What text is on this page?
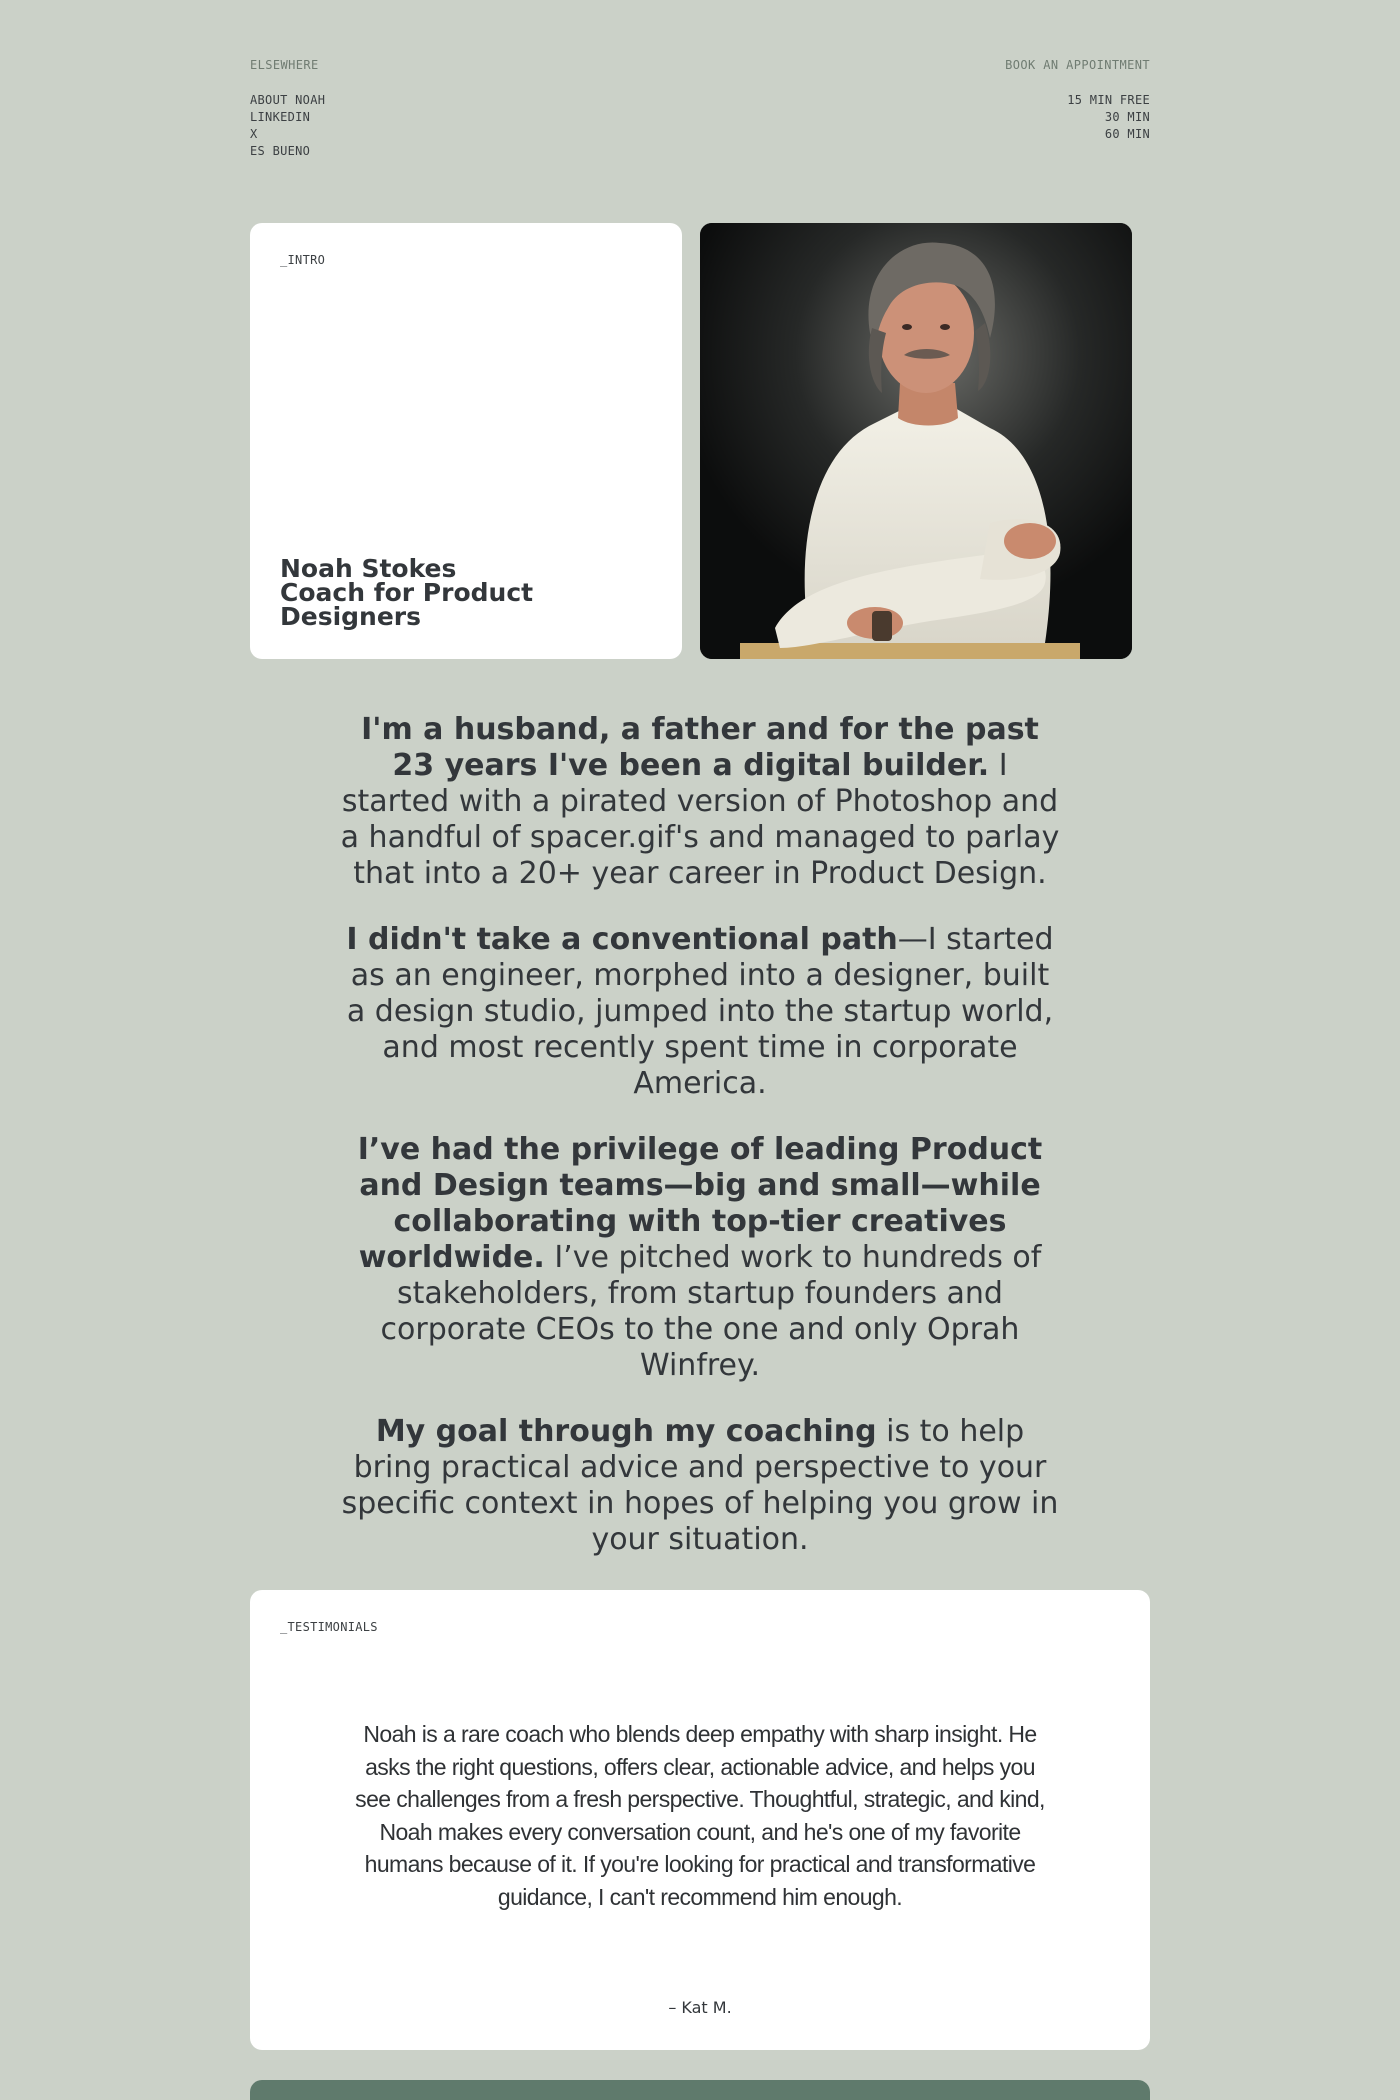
ELSEWHERE
ABOUT NOAH
LINKEDIN
X
ES BUENO
BOOK AN APPOINTMENT
15 MIN FREE
30 MIN
60 MIN
_INTRO
Noah Stokes
Coach for Product Designers

I'm a husband, a father and for the past 23 years I've been a digital builder. I started with a pirated version of Photoshop and a handful of spacer.gif's and managed to parlay that into a 20+ year career in Product Design.

I didn't take a conventional path—I started as an engineer, morphed into a designer, built a design studio, jumped into the startup world, and most recently spent time in corporate America.

I’ve had the privilege of leading Product and Design teams—big and small—while collaborating with top-tier creatives worldwide. I’ve pitched work to hundreds of stakeholders, from startup founders and corporate CEOs to the one and only Oprah Winfrey.

My goal through my coaching is to help bring practical advice and perspective to your specific context in hopes of helping you grow in your situation.

_TESTIMONIALS
Noah is a rare coach who blends deep empathy with sharp insight. He asks the right questions, offers clear, actionable advice, and helps you see challenges from a fresh perspective. Thoughtful, strategic, and kind, Noah makes every conversation count, and he's one of my favorite humans because of it. If you're looking for practical and transformative guidance, I can't recommend him enough.
– Kat M.
